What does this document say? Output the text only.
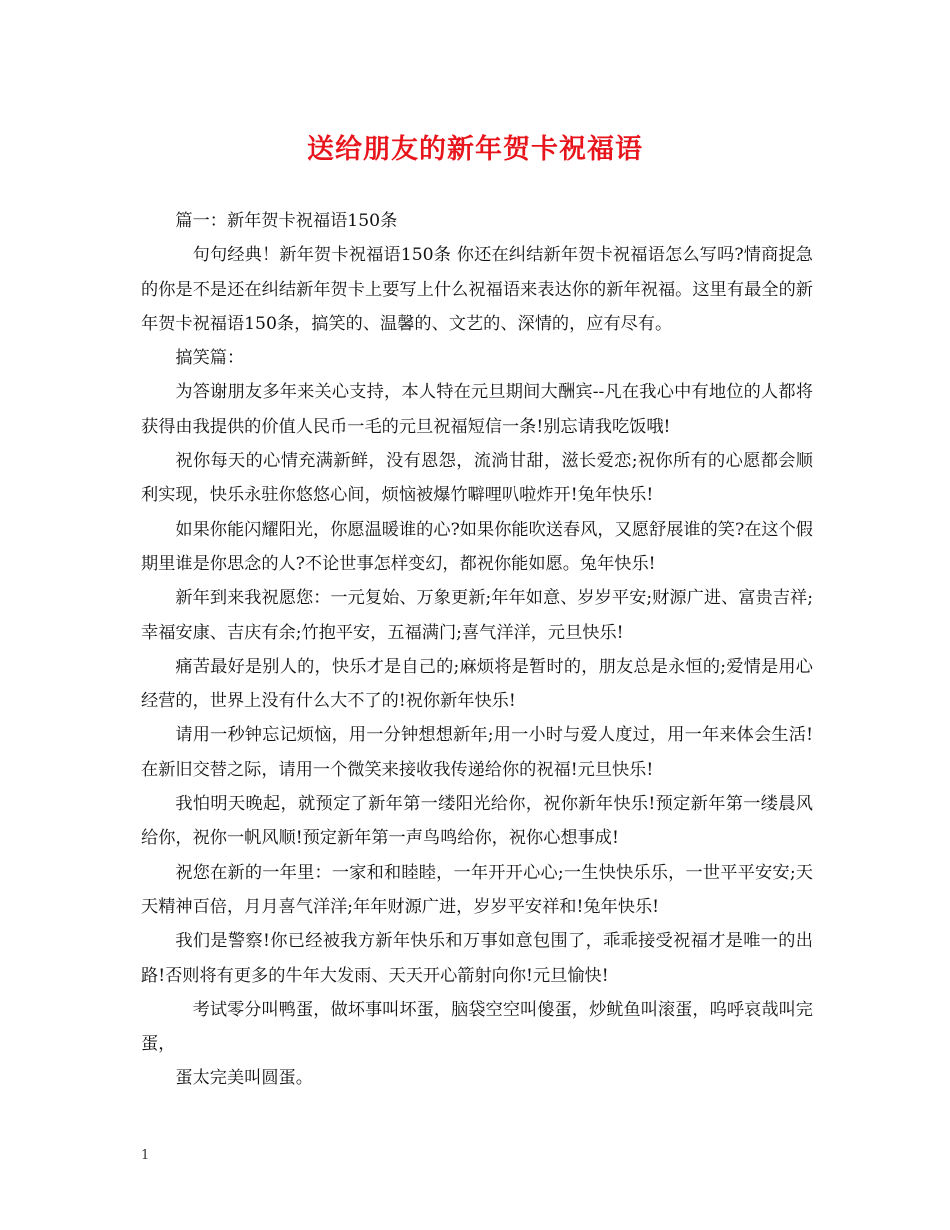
送给朋友的新年贺卡祝福语

篇一：新年贺卡祝福语150条

句句经典！新年贺卡祝福语150条 你还在纠结新年贺卡祝福语怎么写吗?情商捉急的你是不是还在纠结新年贺卡上要写上什么祝福语来表达你的新年祝福。这里有最全的新年贺卡祝福语150条，搞笑的、温馨的、文艺的、深情的，应有尽有。

搞笑篇：

为答谢朋友多年来关心支持，本人特在元旦期间大酬宾--凡在我心中有地位的人都将获得由我提供的价值人民币一毛的元旦祝福短信一条!别忘请我吃饭哦!

祝你每天的心情充满新鲜，没有恩怨，流淌甘甜，滋长爱恋;祝你所有的心愿都会顺利实现，快乐永驻你悠悠心间，烦恼被爆竹噼哩叭啦炸开!兔年快乐!

如果你能闪耀阳光，你愿温暖谁的心?如果你能吹送春风，又愿舒展谁的笑?在这个假期里谁是你思念的人?不论世事怎样变幻，都祝你能如愿。兔年快乐!

新年到来我祝愿您：一元复始、万象更新;年年如意、岁岁平安;财源广进、富贵吉祥;幸福安康、吉庆有余;竹抱平安，五福满门;喜气洋洋，元旦快乐!

痛苦最好是别人的，快乐才是自己的;麻烦将是暂时的，朋友总是永恒的;爱情是用心经营的，世界上没有什么大不了的!祝你新年快乐!

请用一秒钟忘记烦恼，用一分钟想想新年;用一小时与爱人度过，用一年来体会生活!在新旧交替之际，请用一个微笑来接收我传递给你的祝福!元旦快乐!

我怕明天晚起，就预定了新年第一缕阳光给你，祝你新年快乐!预定新年第一缕晨风给你，祝你一帆风顺!预定新年第一声鸟鸣给你，祝你心想事成!

祝您在新的一年里：一家和和睦睦，一年开开心心;一生快快乐乐，一世平平安安;天天精神百倍，月月喜气洋洋;年年财源广进，岁岁平安祥和!兔年快乐!

我们是警察!你已经被我方新年快乐和万事如意包围了，乖乖接受祝福才是唯一的出路!否则将有更多的牛年大发雨、天天开心箭射向你!元旦愉快!

考试零分叫鸭蛋，做坏事叫坏蛋，脑袋空空叫傻蛋，炒鱿鱼叫滚蛋，呜呼哀哉叫完蛋，

蛋太完美叫圆蛋。

1
